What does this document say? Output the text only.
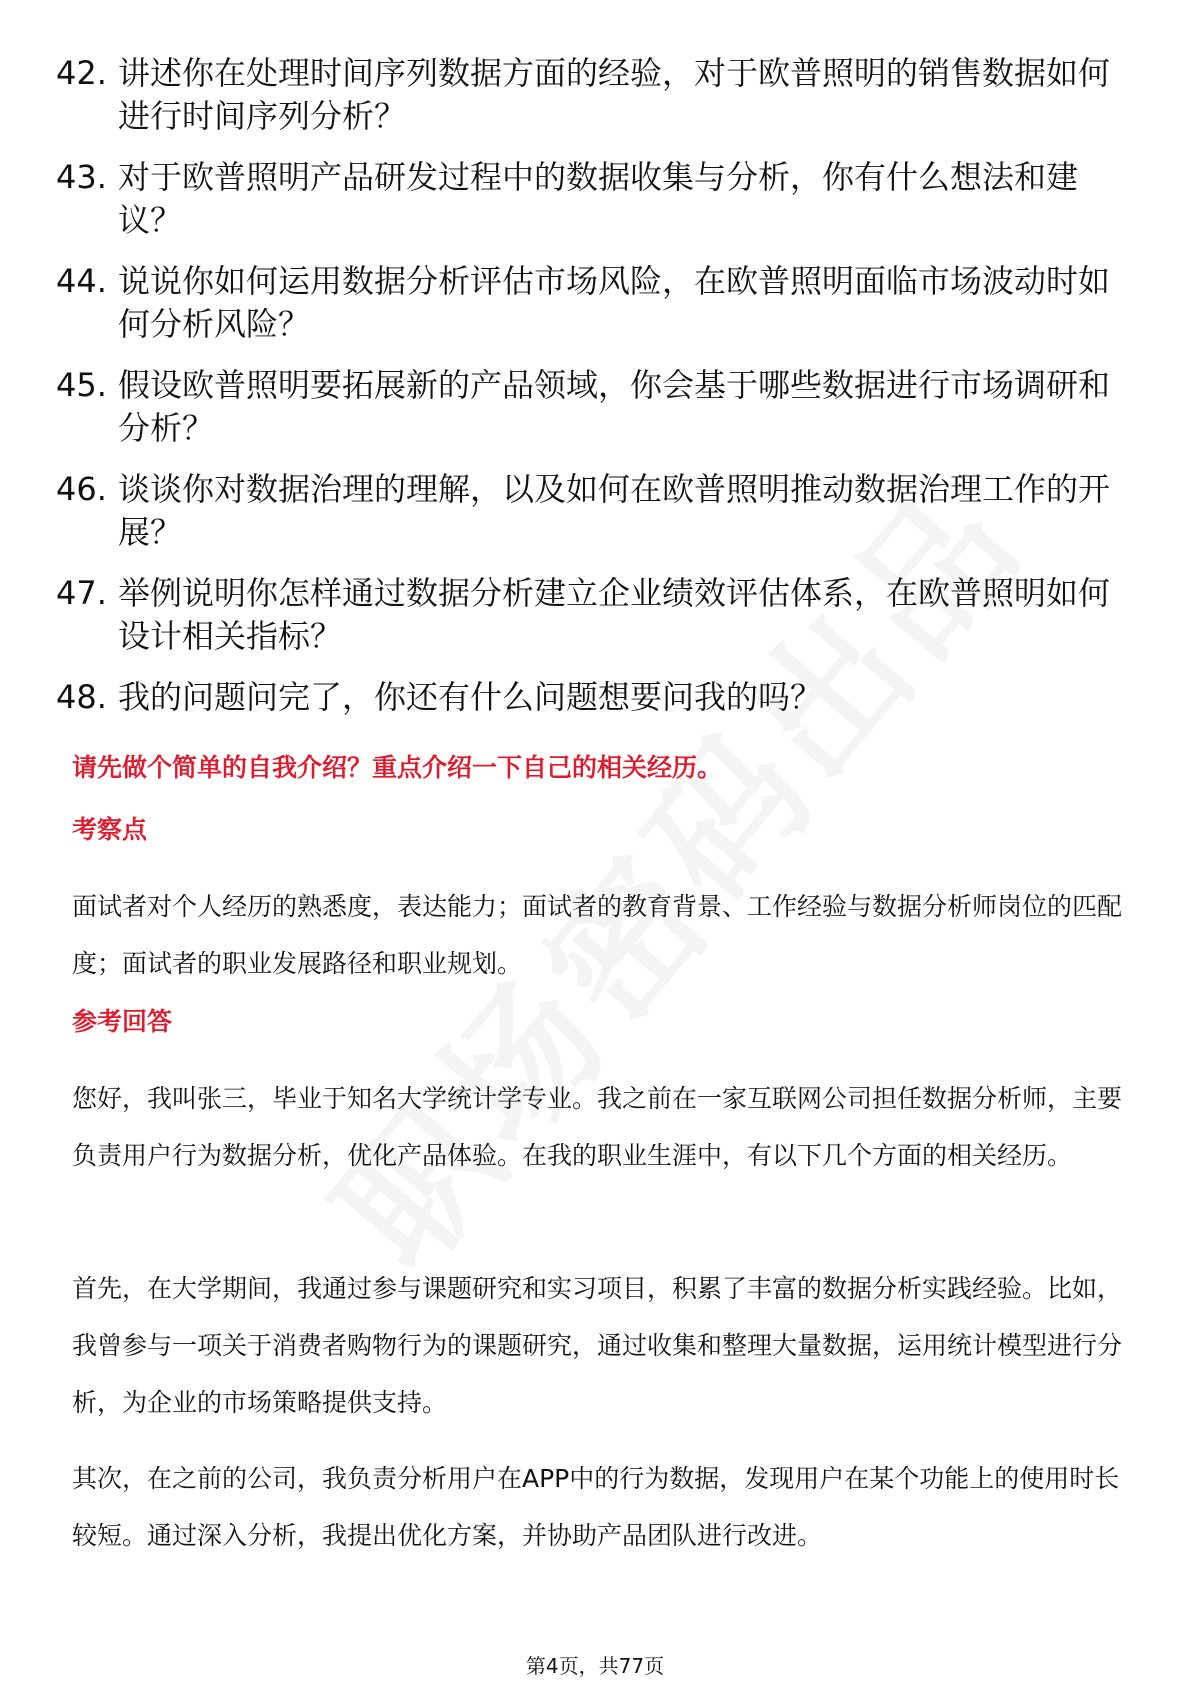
42. 讲述你在处理时间序列数据方面的经验，对于欧普照明的销售数据如何进行时间序列分析？
43. 对于欧普照明产品研发过程中的数据收集与分析，你有什么想法和建议？
44. 说说你如何运用数据分析评估市场风险，在欧普照明面临市场波动时如何分析风险？
45. 假设欧普照明要拓展新的产品领域，你会基于哪些数据进行市场调研和分析？
46. 谈谈你对数据治理的理解，以及如何在欧普照明推动数据治理工作的开展？
47. 举例说明你怎样通过数据分析建立企业绩效评估体系，在欧普照明如何设计相关指标？
48. 我的问题问完了，你还有什么问题想要问我的吗？
请先做个简单的自我介绍？重点介绍一下自己的相关经历。
考察点

面试者对个人经历的熟悉度，表达能力；面试者的教育背景、工作经验与数据分析师岗位的匹配度；面试者的职业发展路径和职业规划。

参考回答

您好，我叫张三，毕业于知名大学统计学专业。我之前在一家互联网公司担任数据分析师，主要负责用户行为数据分析，优化产品体验。在我的职业生涯中，有以下几个方面的相关经历。

首先，在大学期间，我通过参与课题研究和实习项目，积累了丰富的数据分析实践经验。比如，我曾参与一项关于消费者购物行为的课题研究，通过收集和整理大量数据，运用统计模型进行分析，为企业的市场策略提供支持。

其次，在之前的公司，我负责分析用户在APP中的行为数据，发现用户在某个功能上的使用时长较短。通过深入分析，我提出优化方案，并协助产品团队进行改进。

第4页，共77页
